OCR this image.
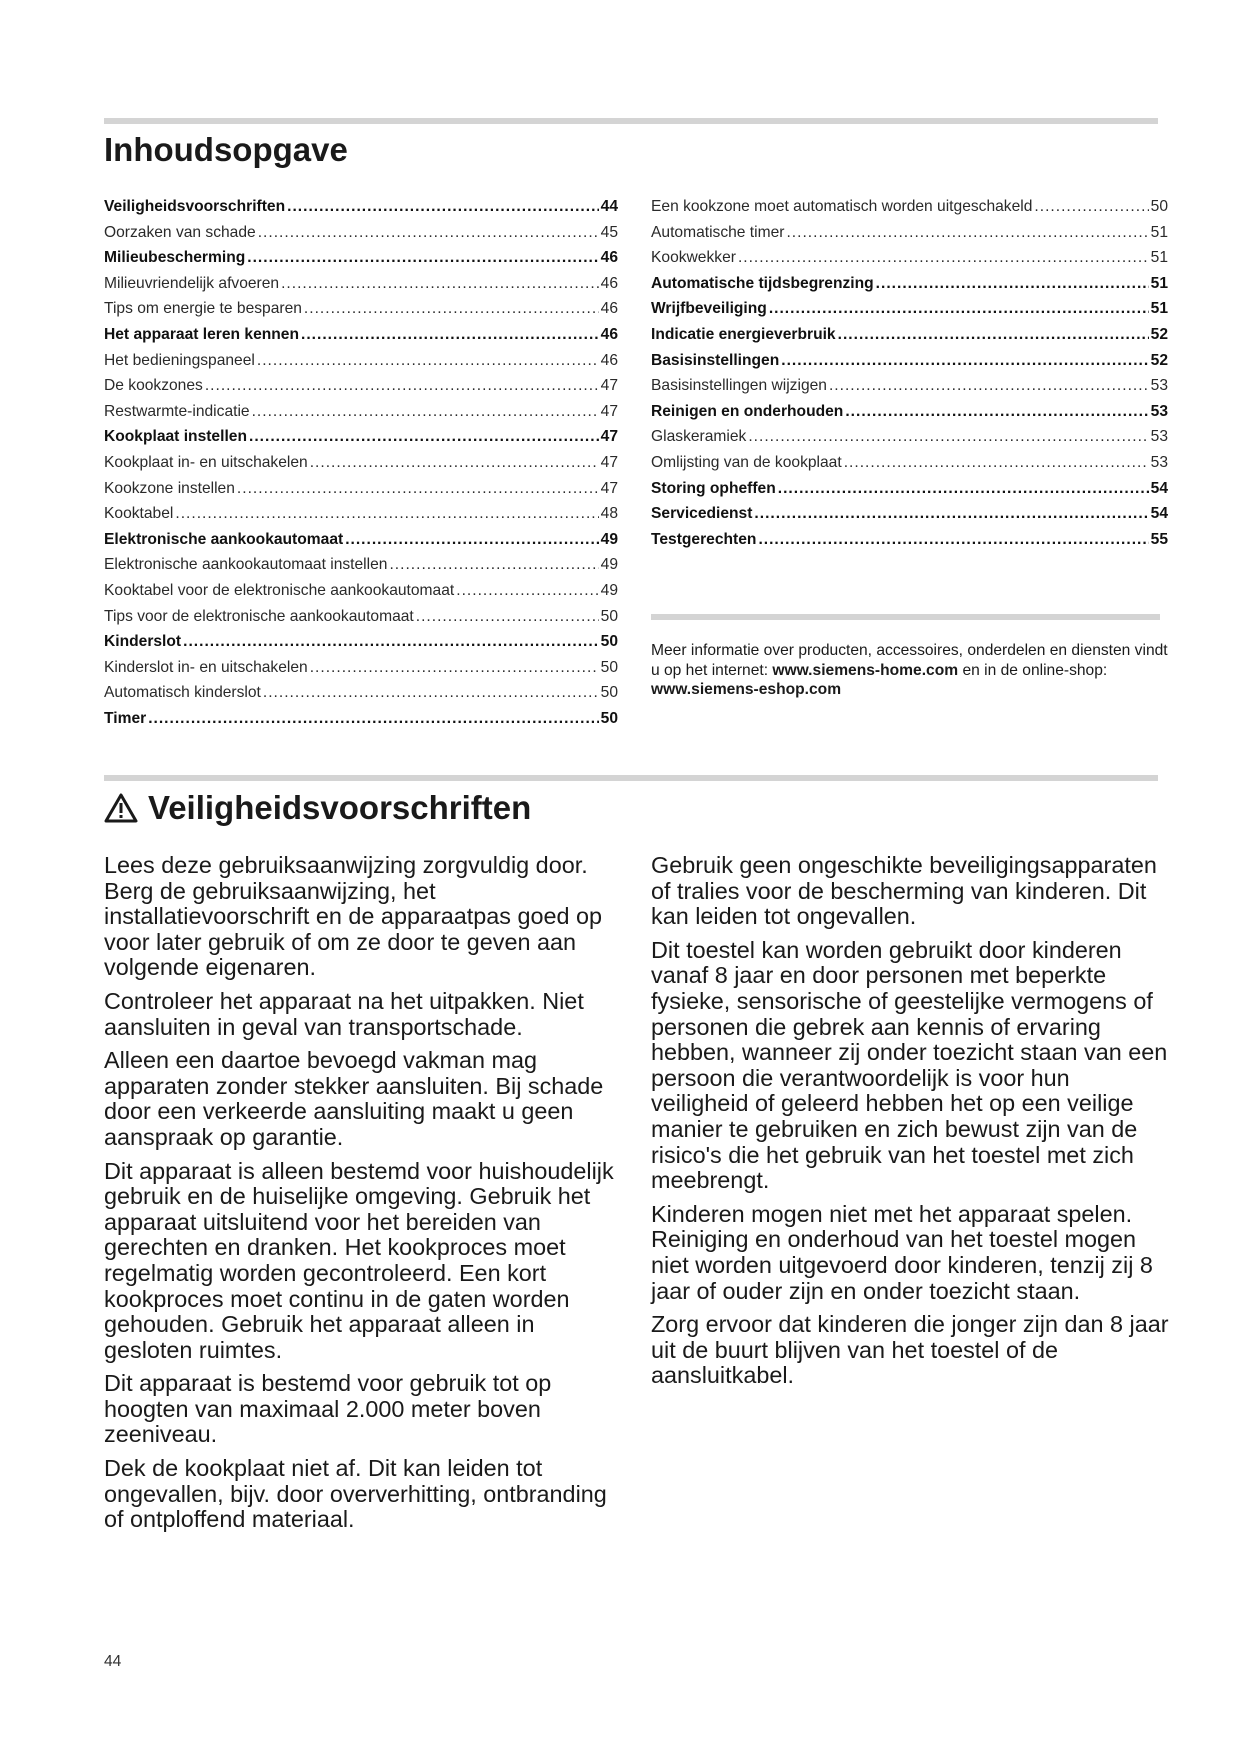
Inhoudsopgave
Veiligheidsvoorschriften .....	44
Oorzaken van schade .....	45
Milieubescherming .....	46
Milieuvriendelijk afvoeren .....	46
Tips om energie te besparen .....	46
Het apparaat leren kennen .....	46
Het bedieningspaneel .....	46
De kookzones .....	47
Restwarmte-indicatie .....	47
Kookplaat instellen .....	47
Kookplaat in- en uitschakelen .....	47
Kookzone instellen .....	47
Kooktabel .....	48
Elektronische aankookautomaat .....	49
Elektronische aankookautomaat instellen .....	49
Kooktabel voor de elektronische aankookautomaat .....	49
Tips voor de elektronische aankookautomaat .....	50
Kinderslot .....	50
Kinderslot in- en uitschakelen .....	50
Automatisch kinderslot .....	50
Timer .....	50
Een kookzone moet automatisch worden uitgeschakeld .....	50
Automatische timer .....	51
Kookwekker .....	51
Automatische tijdsbegrenzing .....	51
Wrijfbeveiliging .....	51
Indicatie energieverbruik .....	52
Basisinstellingen .....	52
Basisinstellingen wijzigen .....	53
Reinigen en onderhouden .....	53
Glaskeramiek .....	53
Omlijsting van de kookplaat .....	53
Storing opheffen .....	54
Servicedienst .....	54
Testgerechten .....	55

Meer informatie over producten, accessoires, onderdelen en diensten vindt u op het internet: www.siemens-home.com en in de online-shop: www.siemens-eshop.com

Veiligheidsvoorschriften

Lees deze gebruiksaanwijzing zorgvuldig door. Berg de gebruiksaanwijzing, het installatievoorschrift en de apparaatpas goed op voor later gebruik of om ze door te geven aan volgende eigenaren.

Controleer het apparaat na het uitpakken. Niet aansluiten in geval van transportschade.

Alleen een daartoe bevoegd vakman mag apparaten zonder stekker aansluiten. Bij schade door een verkeerde aansluiting maakt u geen aanspraak op garantie.

Dit apparaat is alleen bestemd voor huishoudelijk gebruik en de huiselijke omgeving. Gebruik het apparaat uitsluitend voor het bereiden van gerechten en dranken. Het kookproces moet regelmatig worden gecontroleerd. Een kort kookproces moet continu in de gaten worden gehouden. Gebruik het apparaat alleen in gesloten ruimtes.

Dit apparaat is bestemd voor gebruik tot op hoogten van maximaal 2.000 meter boven zeeniveau.

Dek de kookplaat niet af. Dit kan leiden tot ongevallen, bijv. door oververhitting, ontbranding of ontploffend materiaal.

Gebruik geen ongeschikte beveiligingsapparaten of tralies voor de bescherming van kinderen. Dit kan leiden tot ongevallen.

Dit toestel kan worden gebruikt door kinderen vanaf 8 jaar en door personen met beperkte fysieke, sensorische of geestelijke vermogens of personen die gebrek aan kennis of ervaring hebben, wanneer zij onder toezicht staan van een persoon die verantwoordelijk is voor hun veiligheid of geleerd hebben het op een veilige manier te gebruiken en zich bewust zijn van de risico's die het gebruik van het toestel met zich meebrengt.

Kinderen mogen niet met het apparaat spelen. Reiniging en onderhoud van het toestel mogen niet worden uitgevoerd door kinderen, tenzij zij 8 jaar of ouder zijn en onder toezicht staan.

Zorg ervoor dat kinderen die jonger zijn dan 8 jaar uit de buurt blijven van het toestel of de aansluitkabel.

44
